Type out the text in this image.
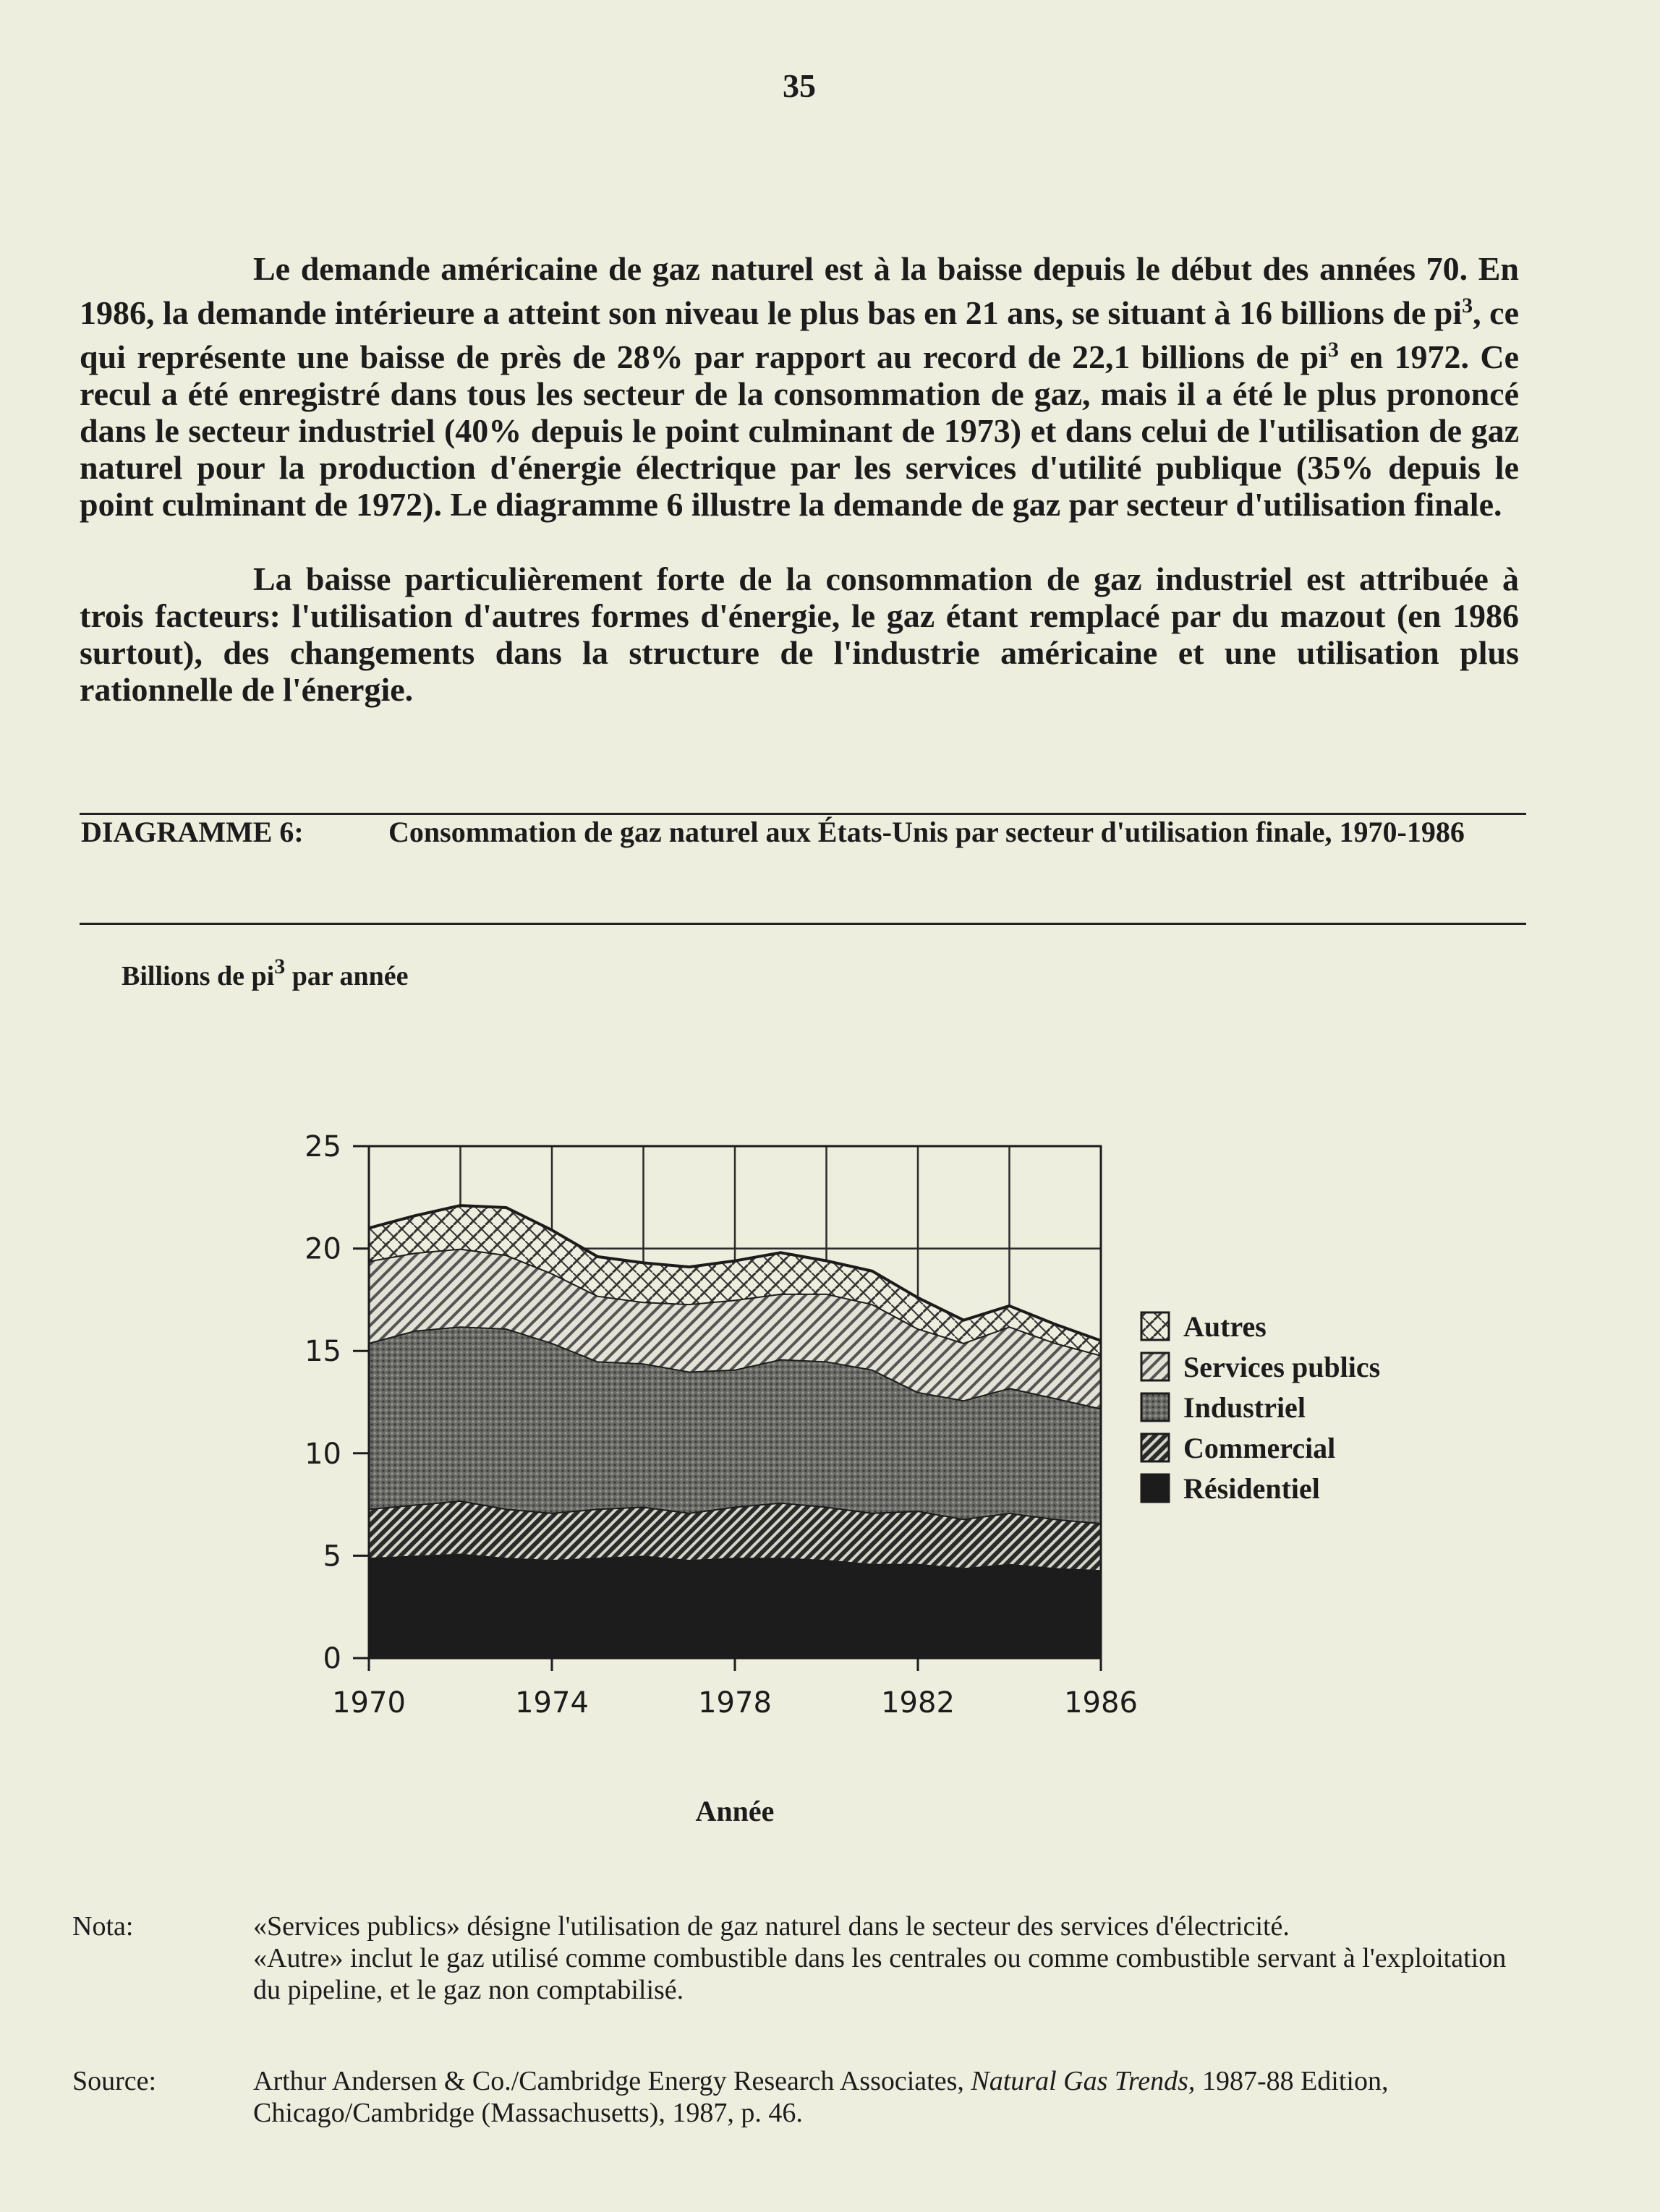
35

Le demande américaine de gaz naturel est à la baisse depuis le début des années 70. En 1986, la demande intérieure a atteint son niveau le plus bas en 21 ans, se situant à 16 billions de $pi^3$, ce qui représente une baisse de près de 28% par rapport au record de 22,1 billions de $pi^3$ en 1972. Ce recul a été enregistré dans tous les secteur de la consommation de gaz, mais il a été le plus prononcé dans le secteur industriel (40% depuis le point culminant de 1973) et dans celui de l'utilisation de gaz naturel pour la production d'énergie électrique par les services d'utilité publique (35% depuis le point culminant de 1972). Le diagramme 6 illustre la demande de gaz par secteur d'utilisation finale.

La baisse particulièrement forte de la consommation de gaz industriel est attribuée à trois facteurs: l'utilisation d'autres formes d'énergie, le gaz étant remplacé par du mazout (en 1986 surtout), des changements dans la structure de l'industrie américaine et une utilisation plus rationnelle de l'énergie.

DIAGRAMME 6:	Consommation de gaz naturel aux États-Unis par secteur d'utilisation finale, 1970-1986
Billions de $pi^3$ par année
0
5
10
15
20
25
1970	1974	1978	1982	1986
Autres
Services publics
Industriel
Commercial
Résidentiel
Année
Nota:	«Services publics» désigne l'utilisation de gaz naturel dans le secteur des services d'électricité.
«Autre» inclut le gaz utilisé comme combustible dans les centrales ou comme combustible servant à l'exploitation du pipeline, et le gaz non comptabilisé.
Source:	Arthur Andersen & Co./Cambridge Energy Research Associates, Natural Gas Trends, 1987-88 Edition, Chicago/Cambridge (Massachusetts), 1987, p. 46.
